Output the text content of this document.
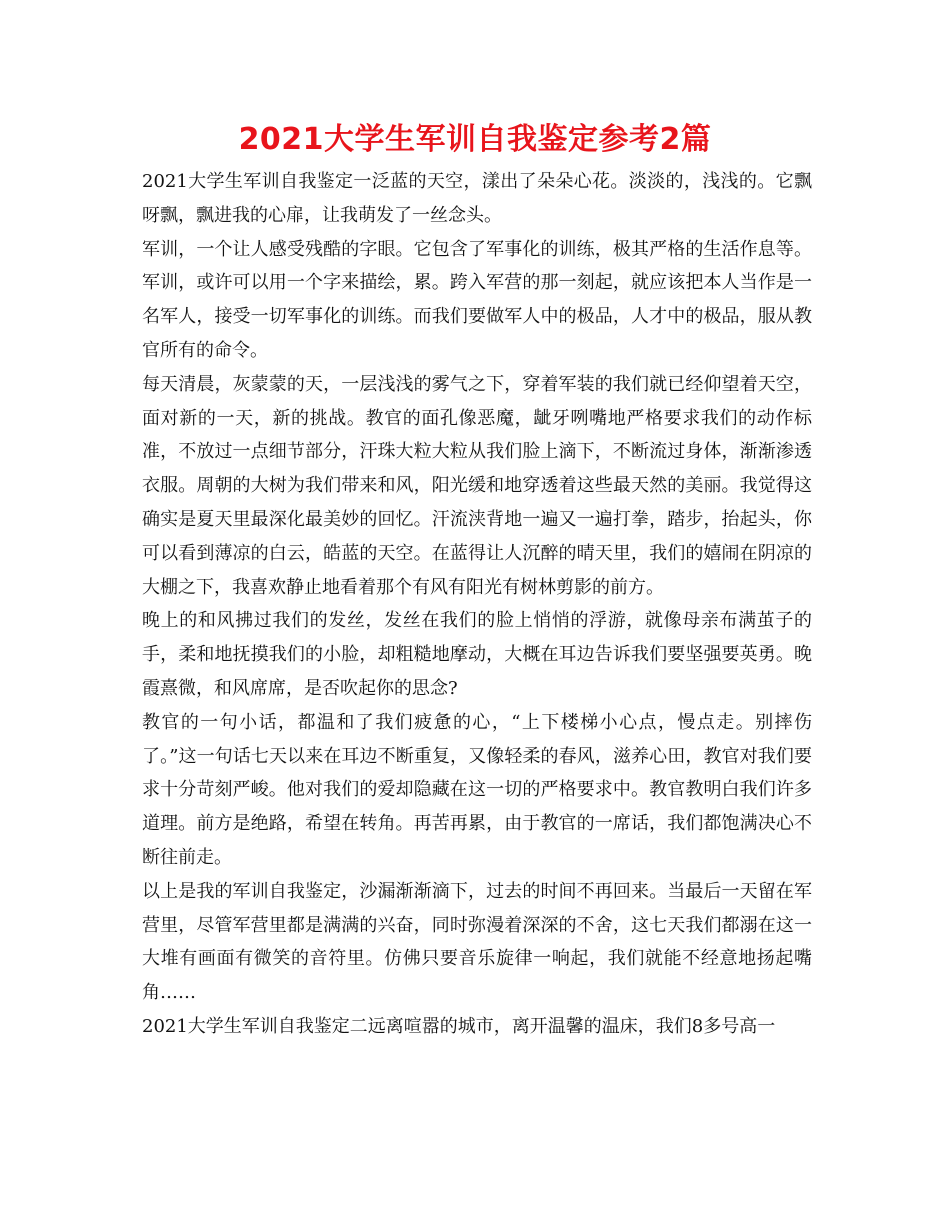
2021大学生军训自我鉴定参考2篇

2021大学生军训自我鉴定一泛蓝的天空，漾出了朵朵心花。淡淡的，浅浅的。它飘呀飘，飘进我的心扉，让我萌发了一丝念头。

军训，一个让人感受残酷的字眼。它包含了军事化的训练，极其严格的生活作息等。军训，或许可以用一个字来描绘，累。跨入军营的那一刻起，就应该把本人当作是一名军人，接受一切军事化的训练。而我们要做军人中的极品，人才中的极品，服从教官所有的命令。

每天清晨，灰蒙蒙的天，一层浅浅的雾气之下，穿着军装的我们就已经仰望着天空，面对新的一天，新的挑战。教官的面孔像恶魔，龇牙咧嘴地严格要求我们的动作标准，不放过一点细节部分，汗珠大粒大粒从我们脸上滴下，不断流过身体，渐渐渗透衣服。周朝的大树为我们带来和风，阳光缓和地穿透着这些最天然的美丽。我觉得这确实是夏天里最深化最美妙的回忆。汗流浃背地一遍又一遍打拳，踏步，抬起头，你可以看到薄凉的白云，皓蓝的天空。在蓝得让人沉醉的晴天里，我们的嬉闹在阴凉的大棚之下，我喜欢静止地看着那个有风有阳光有树林剪影的前方。

晚上的和风拂过我们的发丝，发丝在我们的脸上悄悄的浮游，就像母亲布满茧子的手，柔和地抚摸我们的小脸，却粗糙地摩动，大概在耳边告诉我们要坚强要英勇。晚霞熹微，和风席席，是否吹起你的思念?

教官的一句小话，都温和了我们疲惫的心，“上下楼梯小心点，慢点走。别摔伤了。”这一句话七天以来在耳边不断重复，又像轻柔的春风，滋养心田，教官对我们要求十分苛刻严峻。他对我们的爱却隐藏在这一切的严格要求中。教官教明白我们许多道理。前方是绝路，希望在转角。再苦再累，由于教官的一席话，我们都饱满决心不断往前走。

以上是我的军训自我鉴定，沙漏渐渐滴下，过去的时间不再回来。当最后一天留在军营里，尽管军营里都是满满的兴奋，同时弥漫着深深的不舍，这七天我们都溺在这一大堆有画面有微笑的音符里。仿佛只要音乐旋律一响起，我们就能不经意地扬起嘴角……

2021大学生军训自我鉴定二远离喧嚣的城市，离开温馨的温床，我们8多号高一
